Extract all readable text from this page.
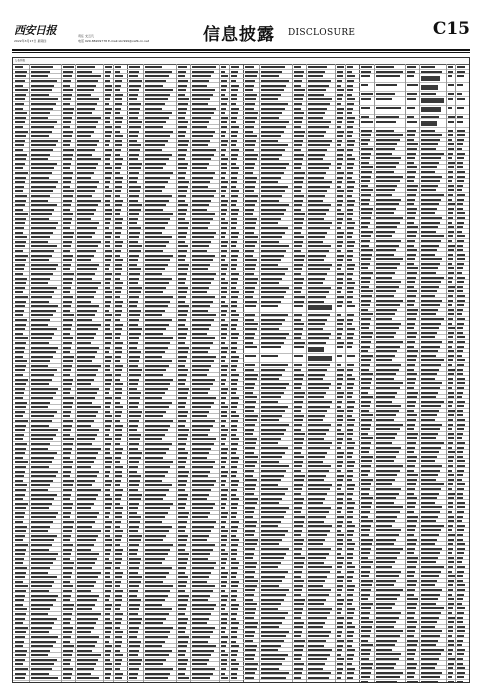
西安日报
2022年3月17日 星期四
责任 支云凡
电话 029-88209778 E-mail:xbr999@xafb.cn.net	信息披露 DISCLOSURE	C15
公告列表
